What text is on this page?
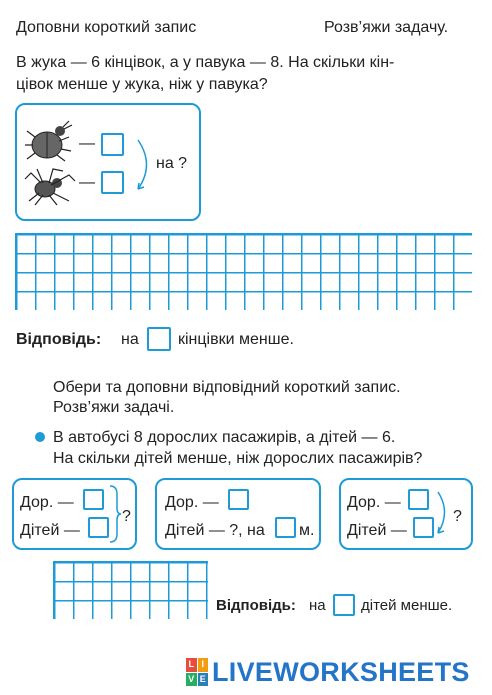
Доповни короткий запис	Розв’яжи задачу.
В жука — 6 кінцівок, а у павука — 8. На скільки кін-
цівок менше у жука, ніж у павука?
—
—
на ?
Відповідь: на кінцівки менше.
Обери та доповни відповідний короткий запис.
Розв’яжи задачі.
В автобусі 8 дорослих пасажирів, а дітей — 6.
На скільки дітей менше, ніж дорослих пасажирів?
Дор. —
Дітей —
?
Дор. —
Дітей — ?, на м.
Дор. —
Дітей —
?
Відповідь: на дітей менше.
L I
V E LIVEWORKSHEETS
